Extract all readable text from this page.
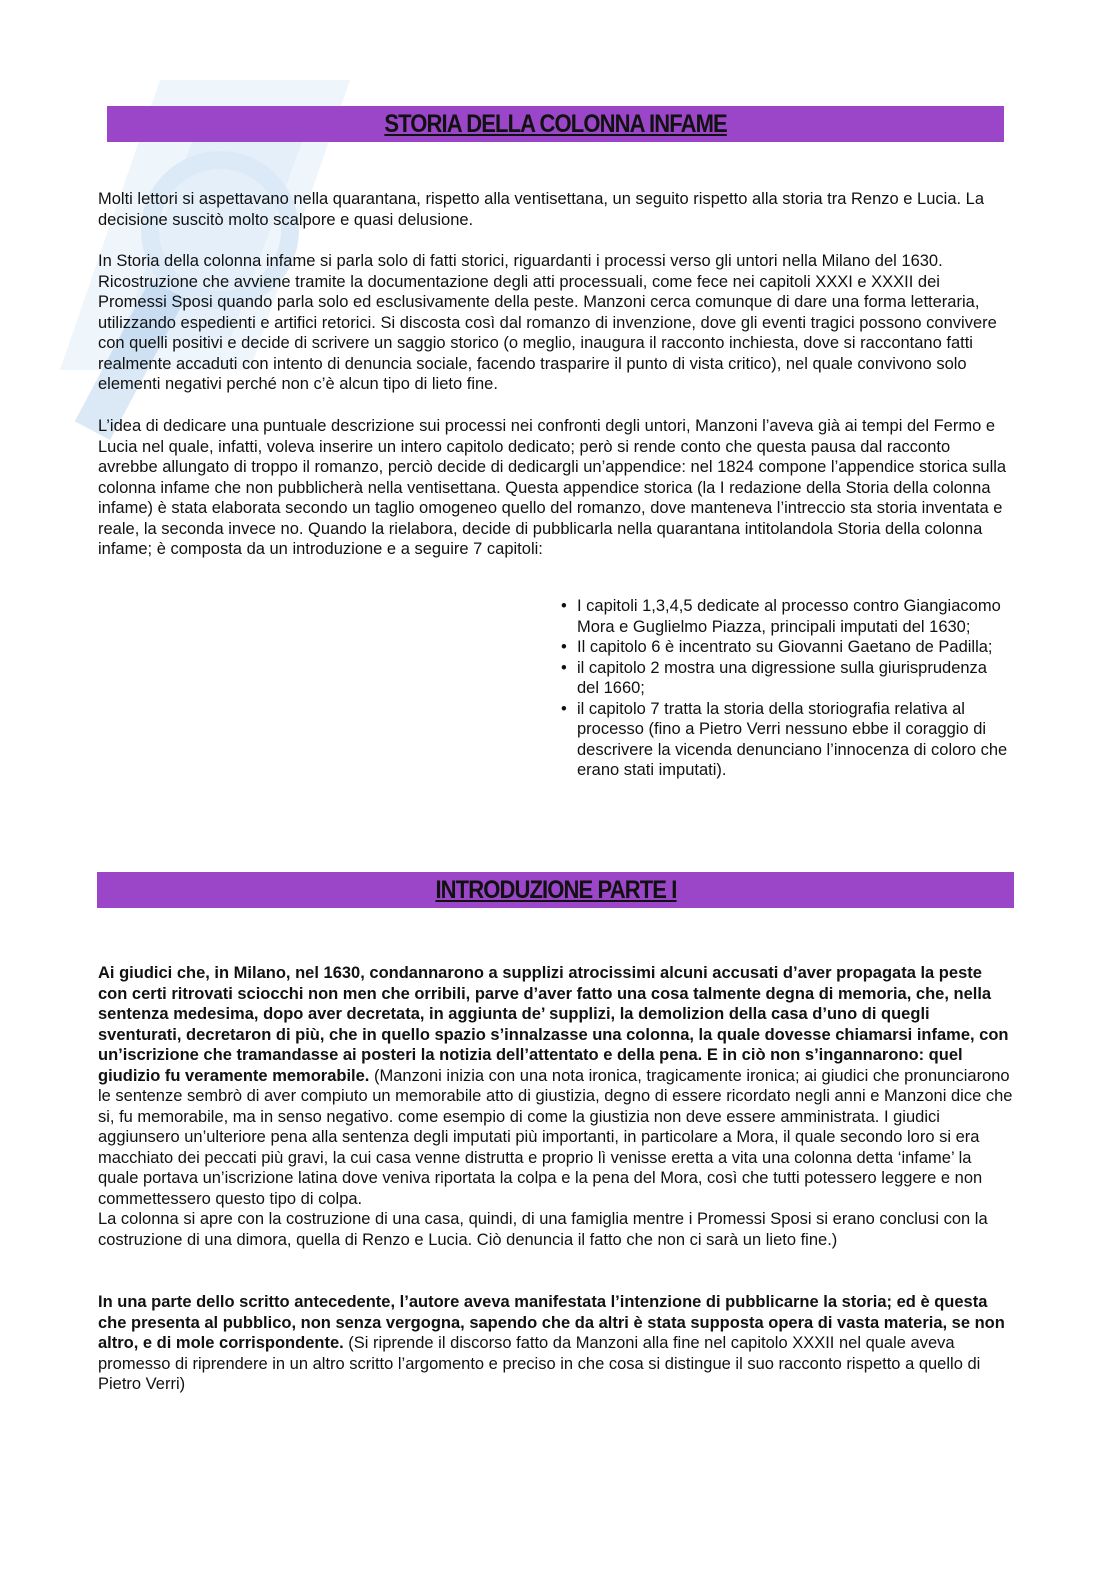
STORIA DELLA COLONNA INFAME

Molti lettori si aspettavano nella quarantana, rispetto alla ventisettana, un seguito rispetto alla storia tra Renzo e Lucia. La decisione suscitò molto scalpore e quasi delusione.

In Storia della colonna infame si parla solo di fatti storici, riguardanti i processi verso gli untori nella Milano del 1630. Ricostruzione che avviene tramite la documentazione degli atti processuali, come fece nei capitoli XXXI e XXXII dei Promessi Sposi quando parla solo ed esclusivamente della peste. Manzoni cerca comunque di dare una forma letteraria, utilizzando espedienti e artifici retorici. Si discosta così dal romanzo di invenzione, dove gli eventi tragici possono convivere con quelli positivi e decide di scrivere un saggio storico (o meglio, inaugura il racconto inchiesta, dove si raccontano fatti realmente accaduti con intento di denuncia sociale, facendo trasparire il punto di vista critico), nel quale convivono solo elementi negativi perché non c’è alcun tipo di lieto fine.

L’idea di dedicare una puntuale descrizione sui processi nei confronti degli untori, Manzoni l’aveva già ai tempi del Fermo e Lucia nel quale, infatti, voleva inserire un intero capitolo dedicato; però si rende conto che questa pausa dal racconto avrebbe allungato di troppo il romanzo, perciò decide di dedicargli un’appendice: nel 1824 compone l’appendice storica sulla colonna infame che non pubblicherà nella ventisettana. Questa appendice storica (la I redazione della Storia della colonna infame) è stata elaborata secondo un taglio omogeneo quello del romanzo, dove manteneva l’intreccio sta storia inventata e reale, la seconda invece no. Quando la rielabora, decide di pubblicarla nella quarantana intitolandola Storia della colonna infame; è composta da un introduzione e a seguire 7 capitoli:

• I capitoli 1,3,4,5 dedicate al processo contro Giangiacomo Mora e Guglielmo Piazza, principali imputati del 1630;
• Il capitolo 6 è incentrato su Giovanni Gaetano de Padilla;
• il capitolo 2 mostra una digressione sulla giurisprudenza del 1660;
• il capitolo 7 tratta la storia della storiografia relativa al processo (fino a Pietro Verri nessuno ebbe il coraggio di descrivere la vicenda denunciano l’innocenza di coloro che erano stati imputati).
INTRODUZIONE PARTE I

Ai giudici che, in Milano, nel 1630, condannarono a supplizi atrocissimi alcuni accusati d’aver propagata la peste con certi ritrovati sciocchi non men che orribili, parve d’aver fatto una cosa talmente degna di memoria, che, nella sentenza medesima, dopo aver decretata, in aggiunta de’ supplizi, la demolizion della casa d’uno di quegli sventurati, decretaron di più, che in quello spazio s’innalzasse una colonna, la quale dovesse chiamarsi infame, con un’iscrizione che tramandasse ai posteri la notizia dell’attentato e della pena. E in ciò non s’ingannarono: quel giudizio fu veramente memorabile. (Manzoni inizia con una nota ironica, tragicamente ironica; ai giudici che pronunciarono le sentenze sembrò di aver compiuto un memorabile atto di giustizia, degno di essere ricordato negli anni e Manzoni dice che si, fu memorabile, ma in senso negativo. come esempio di come la giustizia non deve essere amministrata. I giudici aggiunsero un’ulteriore pena alla sentenza degli imputati più importanti, in particolare a Mora, il quale secondo loro si era macchiato dei peccati più gravi, la cui casa venne distrutta e proprio lì venisse eretta a vita una colonna detta ‘infame’ la quale portava un’iscrizione latina dove veniva riportata la colpa e la pena del Mora, così che tutti potessero leggere e non commettessero questo tipo di colpa.

La colonna si apre con la costruzione di una casa, quindi, di una famiglia mentre i Promessi Sposi si erano conclusi con la costruzione di una dimora, quella di Renzo e Lucia. Ciò denuncia il fatto che non ci sarà un lieto fine.)

In una parte dello scritto antecedente, l’autore aveva manifestata l’intenzione di pubblicarne la storia; ed è questa che presenta al pubblico, non senza vergogna, sapendo che da altri è stata supposta opera di vasta materia, se non altro, e di mole corrispondente. (Si riprende il discorso fatto da Manzoni alla fine nel capitolo XXXII nel quale aveva promesso di riprendere in un altro scritto l’argomento e preciso in che cosa si distingue il suo racconto rispetto a quello di Pietro Verri)
